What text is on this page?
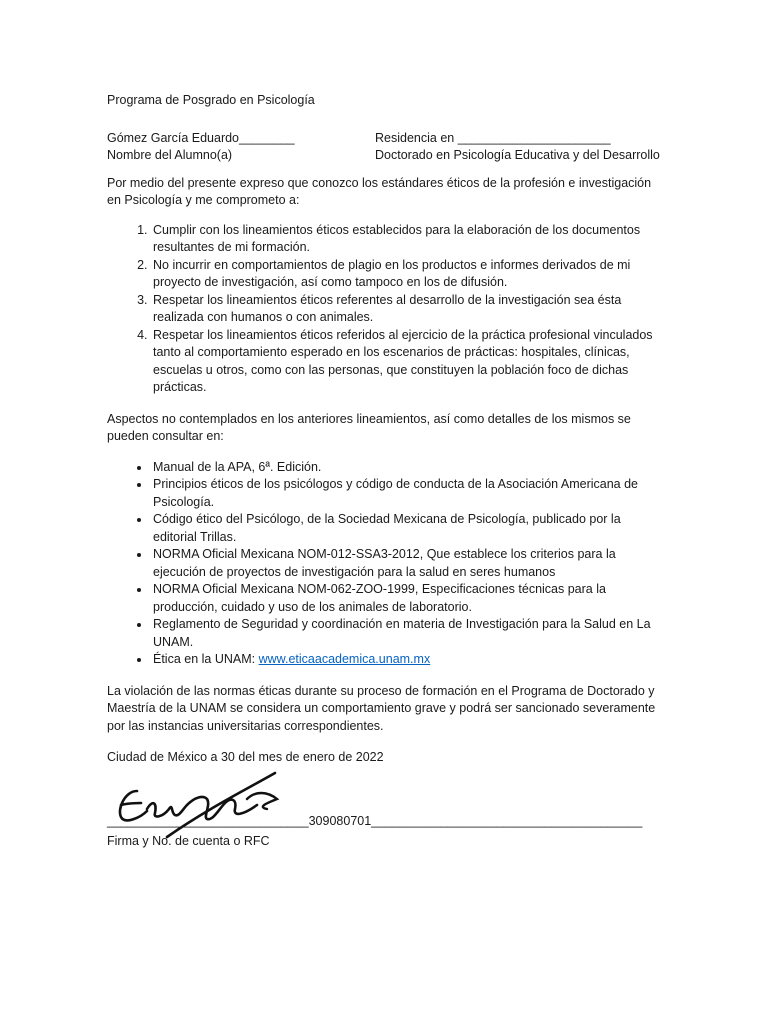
Programa de Posgrado en Psicología
Gómez García Eduardo________
Nombre del Alumno(a)
Residencia en ______________________
Doctorado en Psicología Educativa y del Desarrollo
Por medio del presente expreso que conozco los estándares éticos de la profesión e investigación
en Psicología y me comprometo a:
1. Cumplir con los lineamientos éticos establecidos para la elaboración de los documentos
resultantes de mi formación.
2. No incurrir en comportamientos de plagio en los productos e informes derivados de mi
proyecto de investigación, así como tampoco en los de difusión.
3. Respetar los lineamientos éticos referentes al desarrollo de la investigación sea ésta
realizada con humanos o con animales.
4. Respetar los lineamientos éticos referidos al ejercicio de la práctica profesional vinculados
tanto al comportamiento esperado en los escenarios de prácticas: hospitales, clínicas,
escuelas u otros, como con las personas, que constituyen la población foco de dichas
prácticas.
Aspectos no contemplados en los anteriores lineamientos, así como detalles de los mismos se
pueden consultar en:
• Manual de la APA, 6ª. Edición.
• Principios éticos de los psicólogos y código de conducta de la Asociación Americana de
Psicología.
• Código ético del Psicólogo, de la Sociedad Mexicana de Psicología, publicado por la
editorial Trillas.
• NORMA Oficial Mexicana NOM-012-SSA3-2012, Que establece los criterios para la
ejecución de proyectos de investigación para la salud en seres humanos
• NORMA Oficial Mexicana NOM-062-ZOO-1999, Especificaciones técnicas para la
producción, cuidado y uso de los animales de laboratorio.
• Reglamento de Seguridad y coordinación en materia de Investigación para la Salud en La
UNAM.
• Ética en la UNAM: www.eticaacademica.unam.mx
La violación de las normas éticas durante su proceso de formación en el Programa de Doctorado y
Maestría de la UNAM se considera un comportamiento grave y podrá ser sancionado severamente
por las instancias universitarias correspondientes.
Ciudad de México a 30 del mes de enero de 2022
_____________________________309080701_______________________________________
Firma y No. de cuenta o RFC
